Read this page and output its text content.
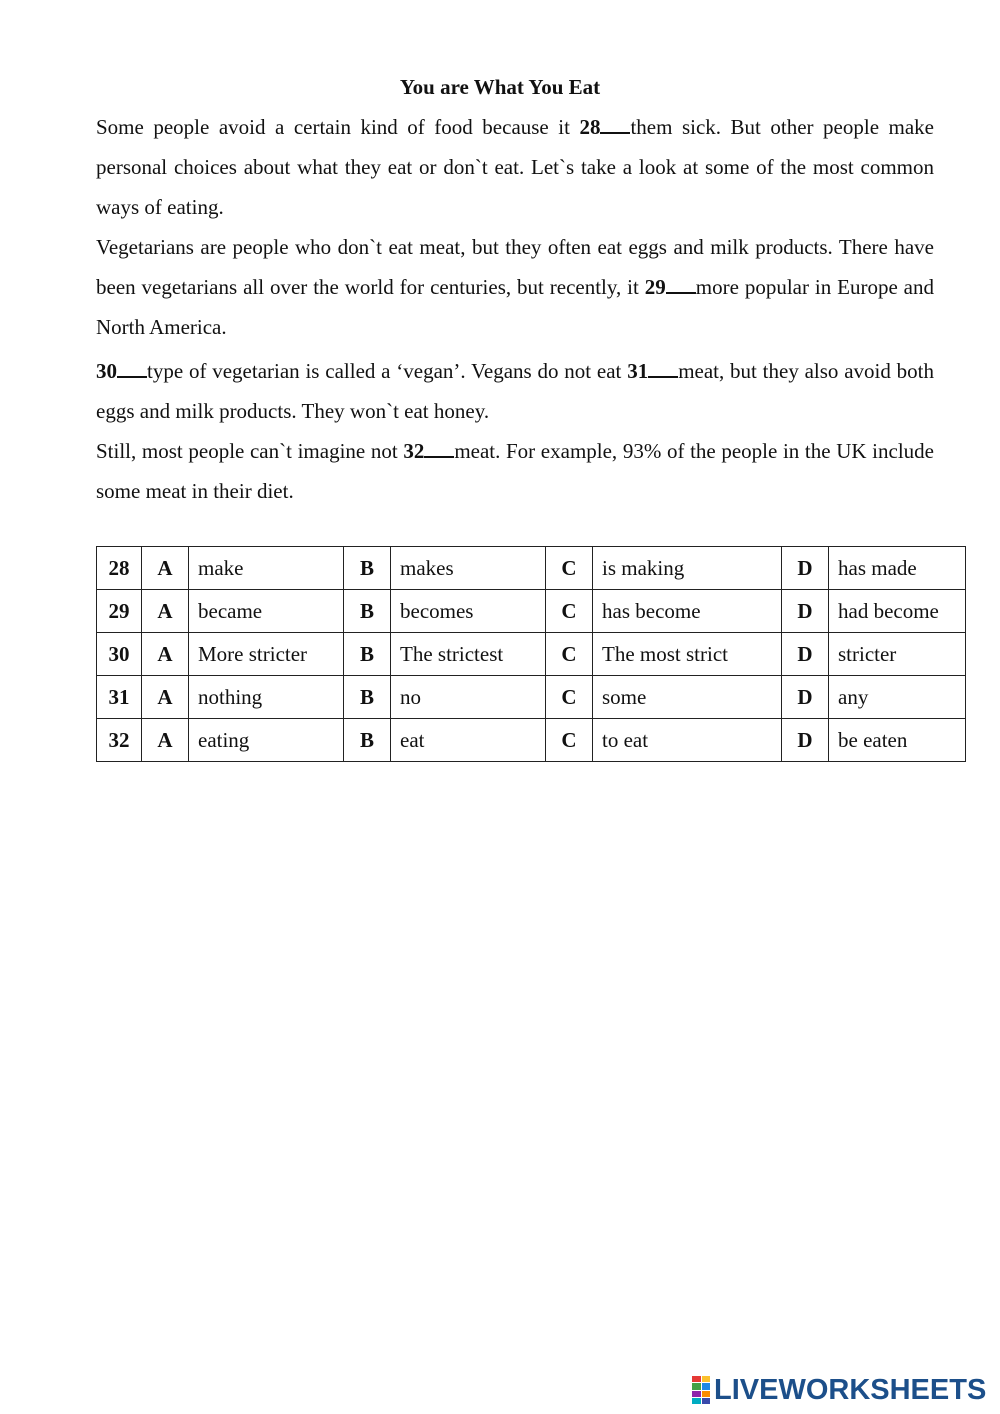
You are What You Eat

Some people avoid a certain kind of food because it 28 them sick. But other people make personal choices about what they eat or don`t eat. Let`s take a look at some of the most common ways of eating.

Vegetarians are people who don`t eat meat, but they often eat eggs and milk products. There have been vegetarians all over the world for centuries, but recently, it 29 more popular in Europe and North America.

30 type of vegetarian is called a ‘vegan’. Vegans do not eat 31 meat, but they also avoid both eggs and milk products. They won`t eat honey.

Still, most people can`t imagine not 32 meat. For example, 93% of the people in the UK include some meat in their diet.

28	A	make	B	makes	C	is making	D	has made
29	A	became	B	becomes	C	has become	D	had become
30	A	More stricter	B	The strictest	C	The most strict	D	stricter
31	A	nothing	B	no	C	some	D	any
32	A	eating	B	eat	C	to eat	D	be eaten
LIVEWORKSHEETS
